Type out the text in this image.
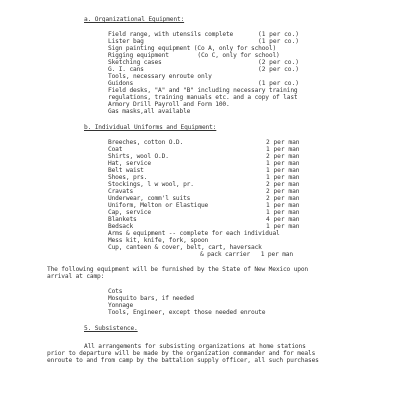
a. Organizational Equipment:

Field range, with utensils complete	(1 per co.)

Lister bag	(1 per co.)

Sign painting equipment (Co A, only for school)

Rigging equipment        (Co C, only for school)

Sketching cases	(2 per co.)

G. I. cans	(2 per co.)

Tools, necessary enroute only

Guidons	(1 per co.)

Field desks, "A" and "B" including necessary training

regulations, training manuals etc. and a copy of last

Armory Drill Payroll and Form 100.

Gas masks,all available

b. Individual Uniforms and Equipment:

Breeches, cotton O.D.	2 per man

Coat	1 per man

Shirts, wool O.D.	2 per man

Hat, service	1 per man

Belt waist	1 per man

Shoes, prs.	1 per man

Stockings, l w wool, pr.	2 per man

Cravats	2 per man

Underwear, comm'l suits	2 per man

Uniform, Melton or Elastique	1 per man

Cap, service	1 per man

Blankets	4 per man

Bedsack	1 per man

Arms & equipment -- complete for each individual

Mess kit, knife, fork, spoon

Cup, canteen & cover, belt, cart, haversack

& pack carrier   1 per man

The following equipment will be furnished by the State of New Mexico upon

arrival at camp:

Cots

Mosquito bars, if needed

Yonnage

Tools, Engineer, except those needed enroute

5. Subsistence.

All arrangements for subsisting organizations at home stations

prior to departure will be made by the organization commander and for meals

enroute to and from camp by the battalion supply officer, all such purchases
